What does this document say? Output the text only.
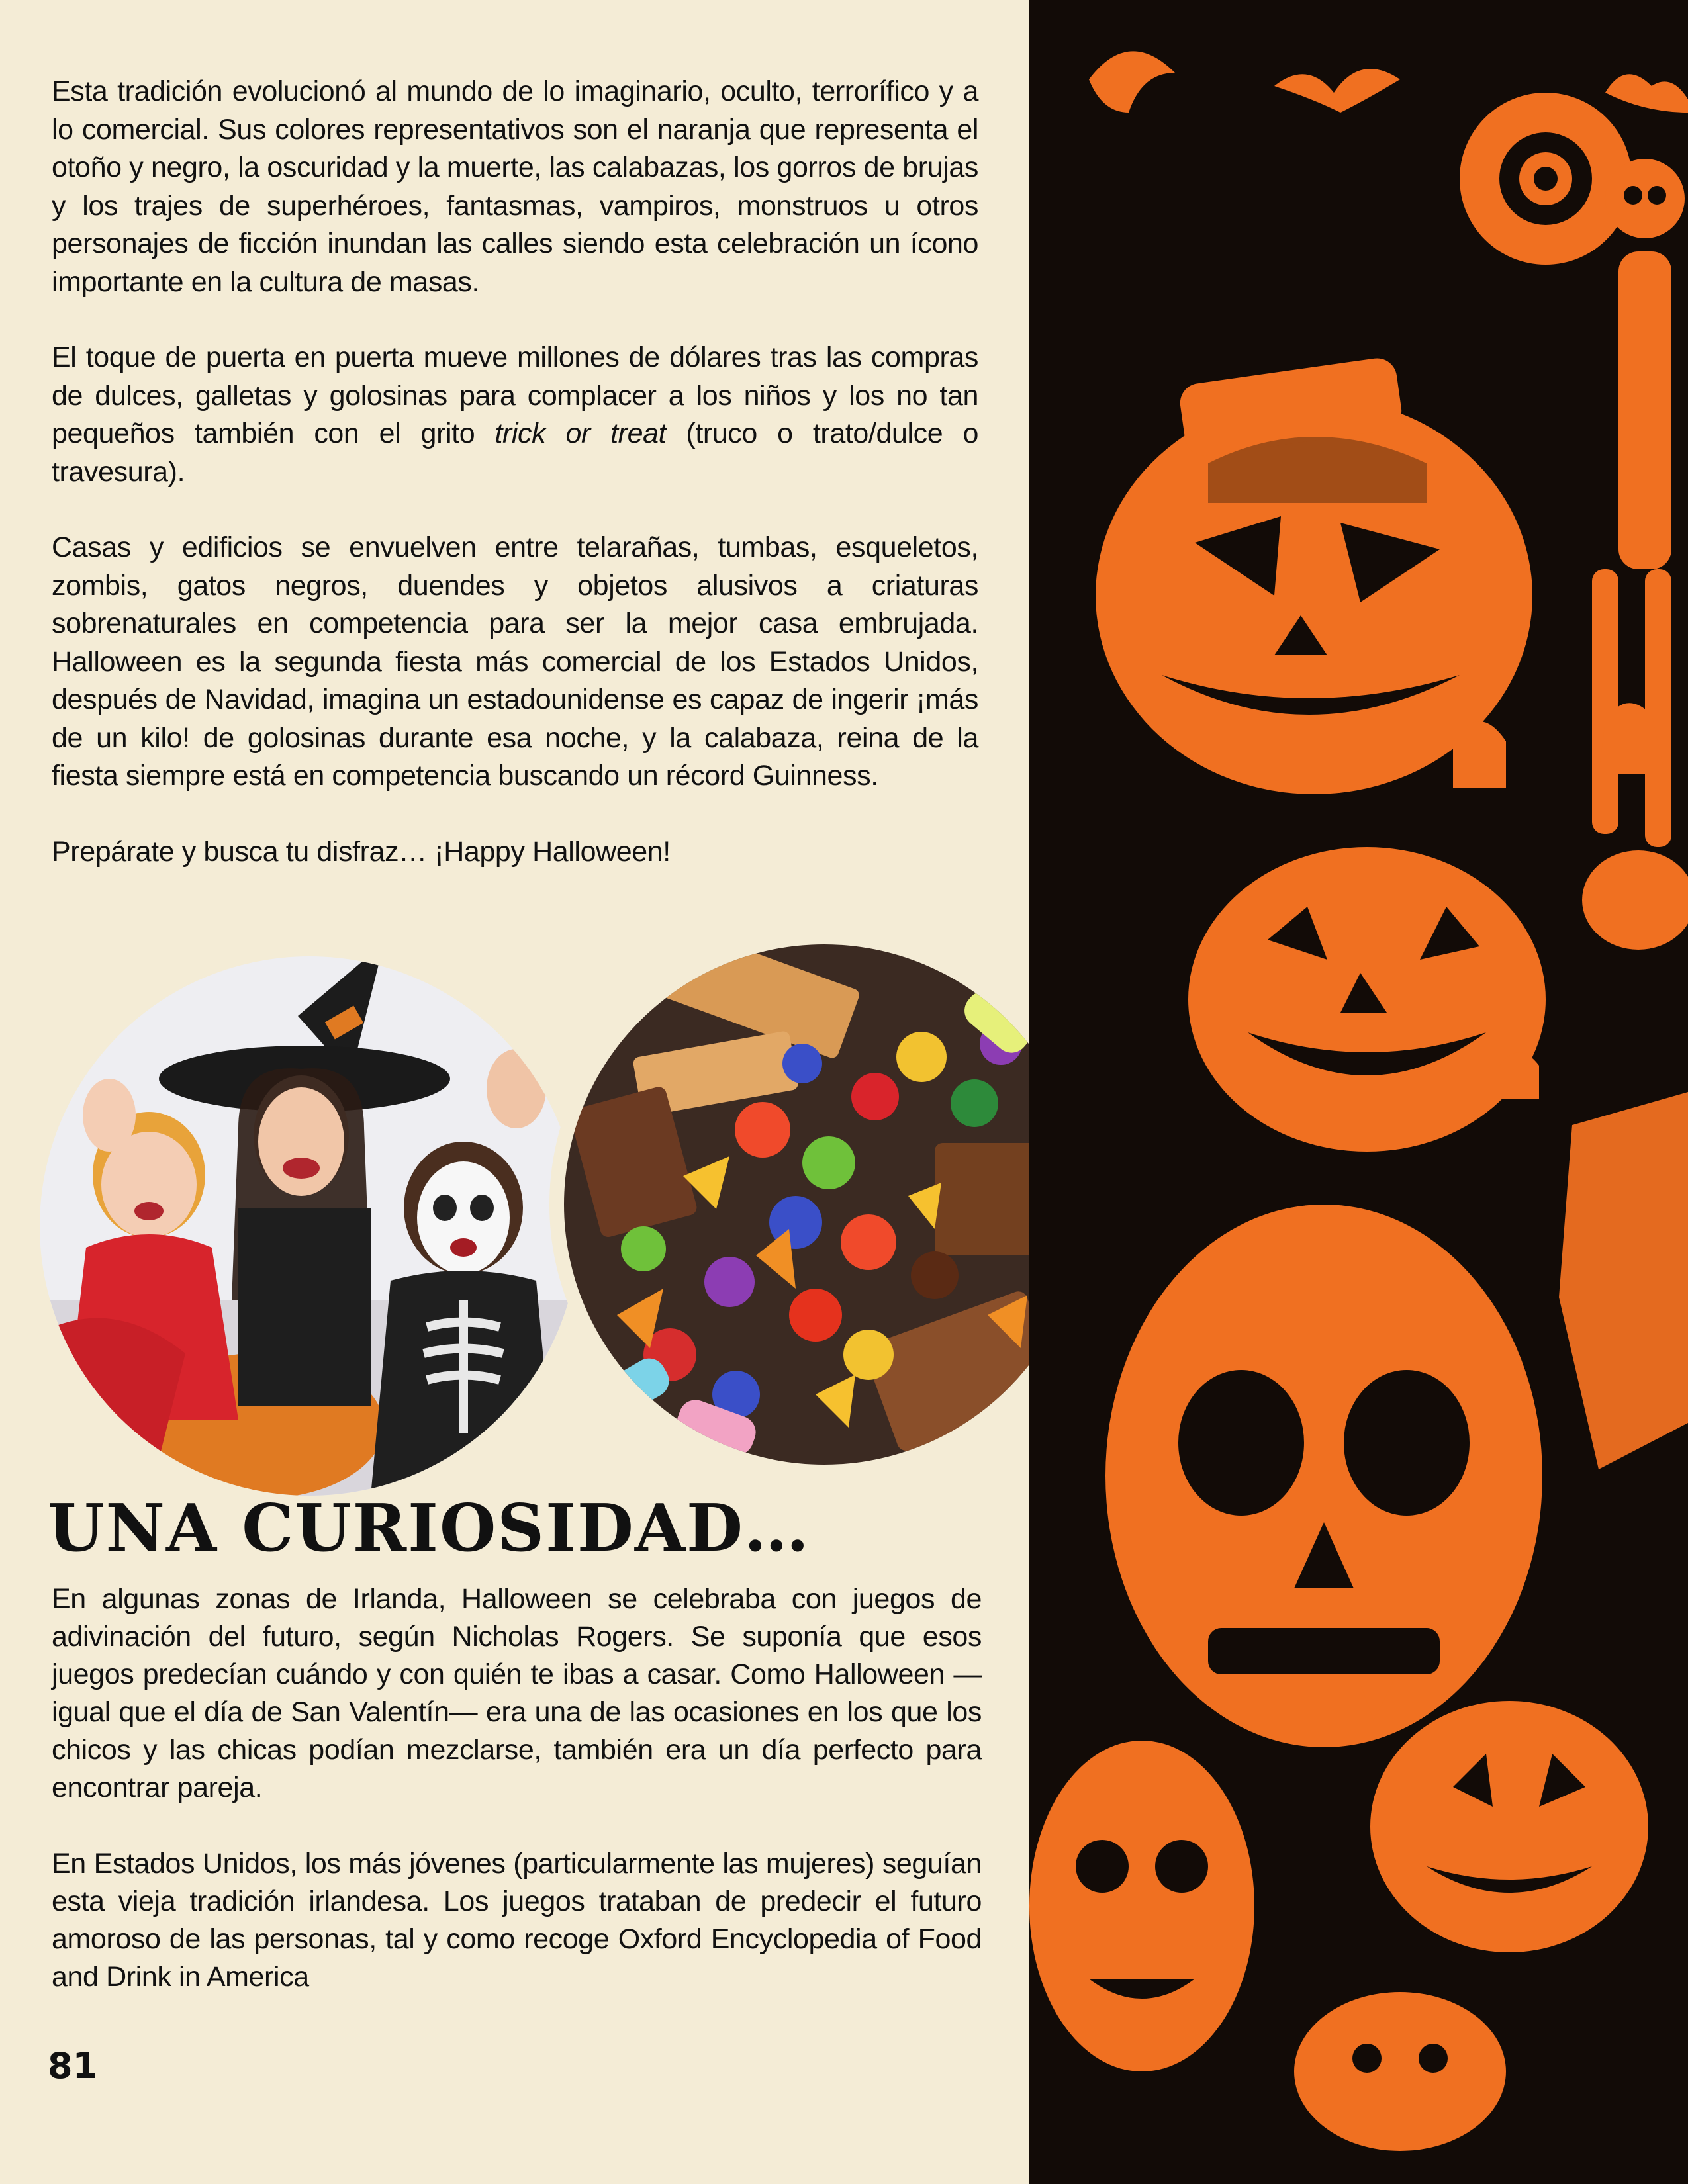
Esta tradición evolucionó al mundo de lo imaginario, oculto, terrorífico y a lo comercial. Sus colores representativos son el naranja que representa el otoño y negro, la oscuridad y la muerte, las calabazas, los gorros de brujas y los trajes de superhéroes, fantasmas, vampiros, monstruos u otros personajes de ficción inundan las calles siendo esta celebración un ícono importante en la cultura de masas.

El toque de puerta en puerta mueve millones de dólares tras las compras de dulces, galletas y golosinas para complacer a los niños y los no tan pequeños también con el grito trick or treat (truco o trato/dulce o travesura).

Casas y edificios se envuelven entre telarañas, tumbas, esqueletos, zombis, gatos negros, duendes y objetos alusivos a criaturas sobrenaturales en competencia para ser la mejor casa embrujada. Halloween es la segunda fiesta más comercial de los Estados Unidos, después de Navidad, imagina un estadounidense es capaz de ingerir ¡más de un kilo! de golosinas durante esa noche, y la calabaza, reina de la fiesta siempre está en competencia buscando un récord Guinness.

Prepárate y busca tu disfraz… ¡Happy Halloween!

UNA CURIOSIDAD…

En algunas zonas de Irlanda, Halloween se celebraba con juegos de adivinación del futuro, según Nicholas Rogers. Se suponía que esos juegos predecían cuándo y con quién te ibas a casar. Como Halloween —igual que el día de San Valentín— era una de las ocasiones en los que los chicos y las chicas podían mezclarse, también era un día perfecto para encontrar pareja.

En Estados Unidos, los más jóvenes (particularmente las mujeres) seguían esta vieja tradición irlandesa. Los juegos trataban de predecir el futuro amoroso de las personas, tal y como recoge Oxford Encyclopedia of Food and Drink in America

81
